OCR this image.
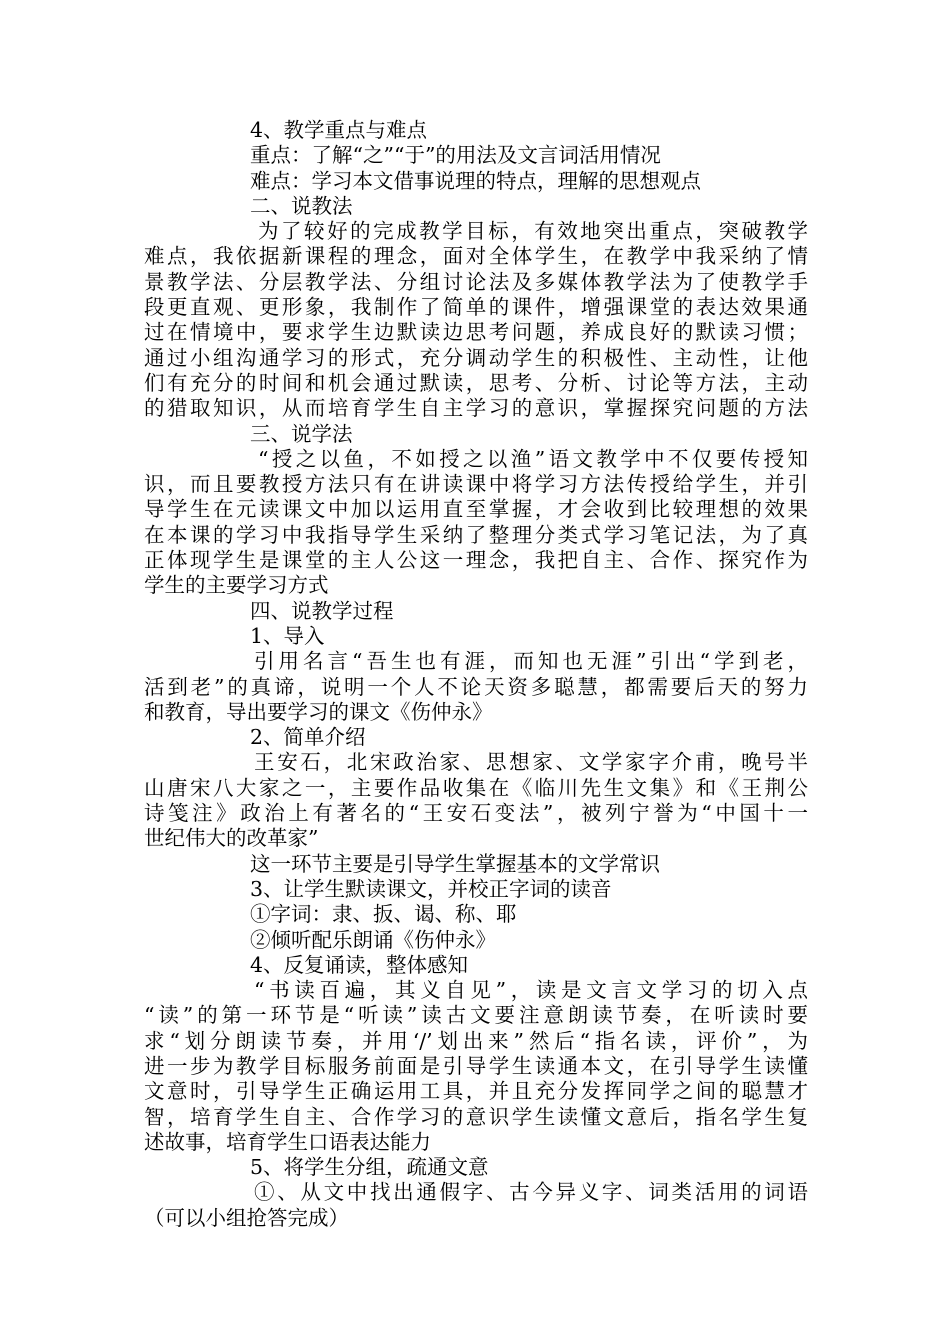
4、教学重点与难点

重点：了解“之”“于”的用法及文言词活用情况

难点：学习本文借事说理的特点，理解的思想观点

二、说教法

为了较好的完成教学目标，有效地突出重点，突破教学

难点，我依据新课程的理念，面对全体学生，在教学中我采纳了情

景教学法、分层教学法、分组讨论法及多媒体教学法为了使教学手

段更直观、更形象，我制作了简单的课件，增强课堂的表达效果通

过在情境中，要求学生边默读边思考问题，养成良好的默读习惯；

通过小组沟通学习的形式，充分调动学生的积极性、主动性，让他

们有充分的时间和机会通过默读，思考、分析、讨论等方法，主动

的猎取知识，从而培育学生自主学习的意识，掌握探究问题的方法

三、说学法

“授之以鱼，不如授之以渔”语文教学中不仅要传授知

识，而且要教授方法只有在讲读课中将学习方法传授给学生，并引

导学生在元读课文中加以运用直至掌握，才会收到比较理想的效果

在本课的学习中我指导学生采纳了整理分类式学习笔记法，为了真

正体现学生是课堂的主人公这一理念，我把自主、合作、探究作为

学生的主要学习方式

四、说教学过程

1、导入

引用名言“吾生也有涯，而知也无涯”引出“学到老，

活到老”的真谛，说明一个人不论天资多聪慧，都需要后天的努力

和教育，导出要学习的课文《伤仲永》

2、简单介绍

王安石，北宋政治家、思想家、文学家字介甫，晚号半

山唐宋八大家之一，主要作品收集在《临川先生文集》和《王荆公

诗笺注》政治上有著名的“王安石变法”，被列宁誉为“中国十一

世纪伟大的改革家”

这一环节主要是引导学生掌握基本的文学常识

3、让学生默读课文，并校正字词的读音

①字词：隶、扳、谒、称、耶

②倾听配乐朗诵《伤仲永》

4、反复诵读，整体感知

“书读百遍，其义自见”，读是文言文学习的切入点

“读”的第一环节是“听读”读古文要注意朗读节奏，在听读时要

求“划分朗读节奏，并用‘/’划出来”然后“指名读，评价”，为

进一步为教学目标服务前面是引导学生读通本文，在引导学生读懂

文意时，引导学生正确运用工具，并且充分发挥同学之间的聪慧才

智，培育学生自主、合作学习的意识学生读懂文意后，指名学生复

述故事，培育学生口语表达能力

5、将学生分组，疏通文意

①、从文中找出通假字、古今异义字、词类活用的词语

（可以小组抢答完成）
